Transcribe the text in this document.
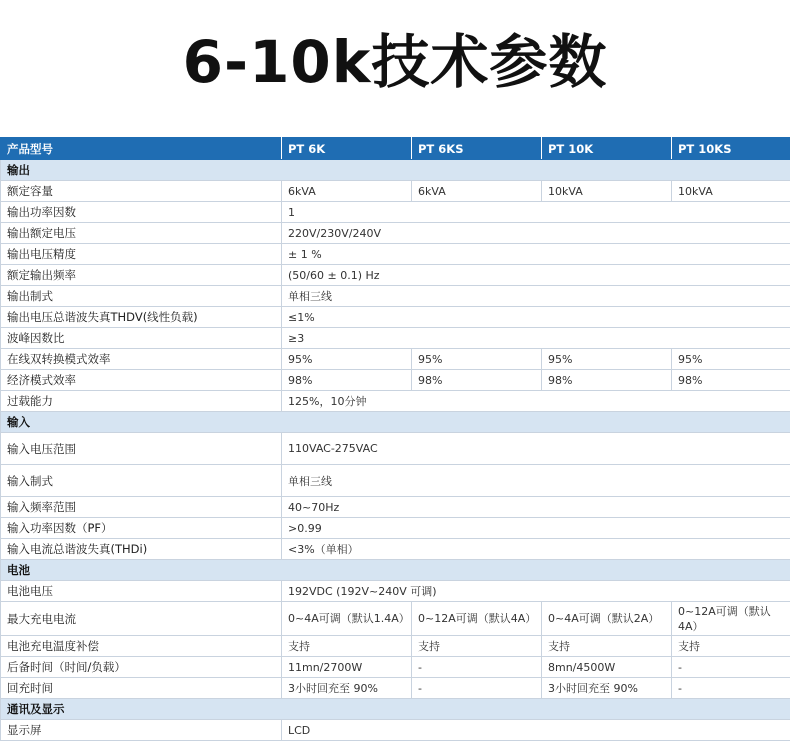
6-10k技术参数
产品型号	PT 6K	PT 6KS	PT 10K	PT 10KS
输出				
额定容量	6kVA	6kVA	10kVA	10kVA
输出功率因数	1			
输出额定电压	220V/230V/240V			
输出电压精度	± 1 %			
额定输出频率	(50/60 ± 0.1) Hz			
输出制式	单相三线			
输出电压总谐波失真THDV(线性负载)	≤1%			
波峰因数比	≥3			
在线双转换模式效率	95%	95%	95%	95%
经济模式效率	98%	98%	98%	98%
过载能力	125%，10分钟			
输入				
输入电压范围	110VAC-275VAC			
输入制式	单相三线			
输入频率范围	40~70Hz			
输入功率因数（PF）	>0.99			
输入电流总谐波失真(THDi)	<3%（单相）			
电池				
电池电压	192VDC (192V~240V 可调)			
最大充电电流	0~4A可调（默认1.4A）	0~12A可调（默认4A）	0~4A可调（默认2A）	0~12A可调（默认4A）
电池充电温度补偿	支持	支持	支持	支持
后备时间（时间/负载）	11mn/2700W	-	8mn/4500W	-
回充时间	3小时回充至 90%	-	3小时回充至 90%	-
通讯及显示				
显示屏	LCD			
